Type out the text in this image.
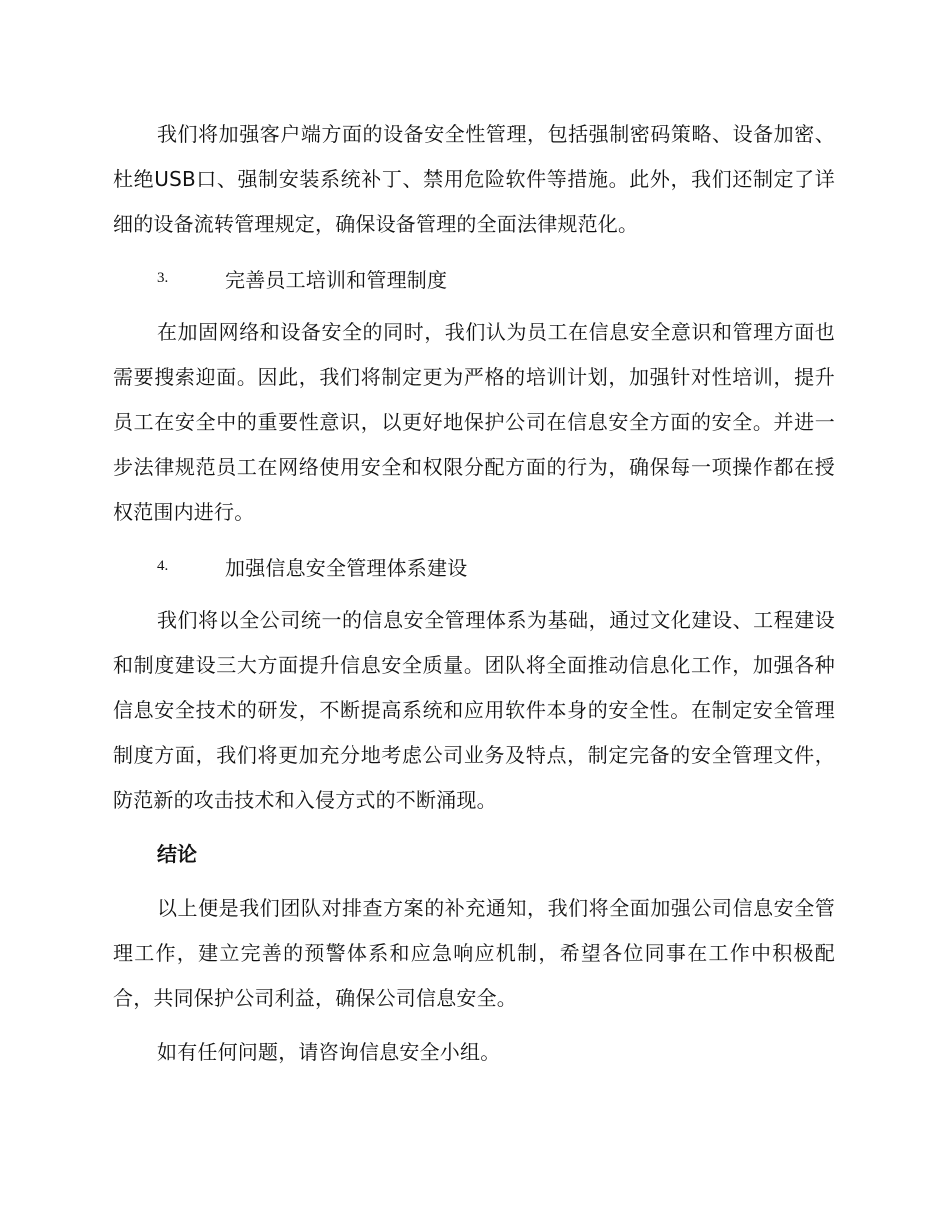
我们将加强客户端方面的设备安全性管理，包括强制密码策略、设备加密、杜绝USB口、强制安装系统补丁、禁用危险软件等措施。此外，我们还制定了详细的设备流转管理规定，确保设备管理的全面法律规范化。

3.	完善员工培训和管理制度

在加固网络和设备安全的同时，我们认为员工在信息安全意识和管理方面也需要搜索迎面。因此，我们将制定更为严格的培训计划，加强针对性培训，提升员工在安全中的重要性意识，以更好地保护公司在信息安全方面的安全。并进一步法律规范员工在网络使用安全和权限分配方面的行为，确保每一项操作都在授权范围内进行。

4.	加强信息安全管理体系建设

我们将以全公司统一的信息安全管理体系为基础，通过文化建设、工程建设和制度建设三大方面提升信息安全质量。团队将全面推动信息化工作，加强各种信息安全技术的研发，不断提高系统和应用软件本身的安全性。在制定安全管理制度方面，我们将更加充分地考虑公司业务及特点，制定完备的安全管理文件，防范新的攻击技术和入侵方式的不断涌现。

结论

以上便是我们团队对排查方案的补充通知，我们将全面加强公司信息安全管理工作，建立完善的预警体系和应急响应机制，希望各位同事在工作中积极配合，共同保护公司利益，确保公司信息安全。

如有任何问题，请咨询信息安全小组。
